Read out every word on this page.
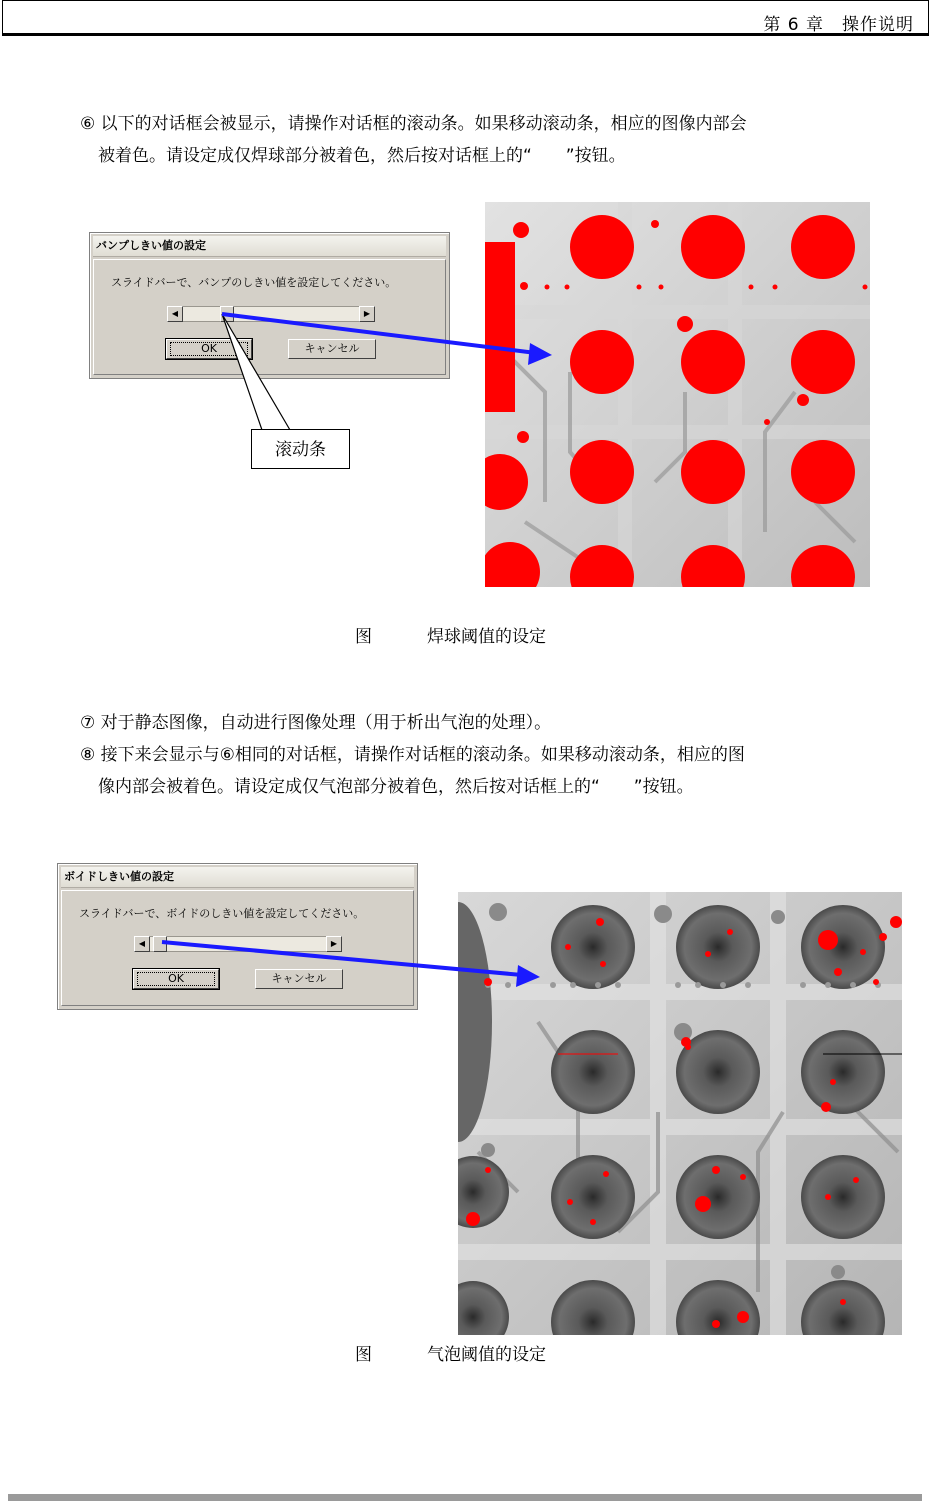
第 6 章　操作说明
⑥ 以下的对话框会被显示，请操作对话框的滚动条。如果移动滚动条，相应的图像内部会
被着色。请设定成仅焊球部分被着色，然后按对话框上的“　　”按钮。
バンプしきい値の設定
スライドバーで、バンプのしきい値を設定してください。
◀	▶
OK	キャンセル
滚动条
图	焊球阈值的设定
⑦ 对于静态图像，自动进行图像处理（用于析出气泡的处理）。
⑧ 接下来会显示与⑥相同的对话框，请操作对话框的滚动条。如果移动滚动条，相应的图
像内部会被着色。请设定成仅气泡部分被着色，然后按对话框上的“　　”按钮。
ボイドしきい値の設定
スライドバーで、ボイドのしきい値を設定してください。
◀	▶
OK	キャンセル
图	气泡阈值的设定
